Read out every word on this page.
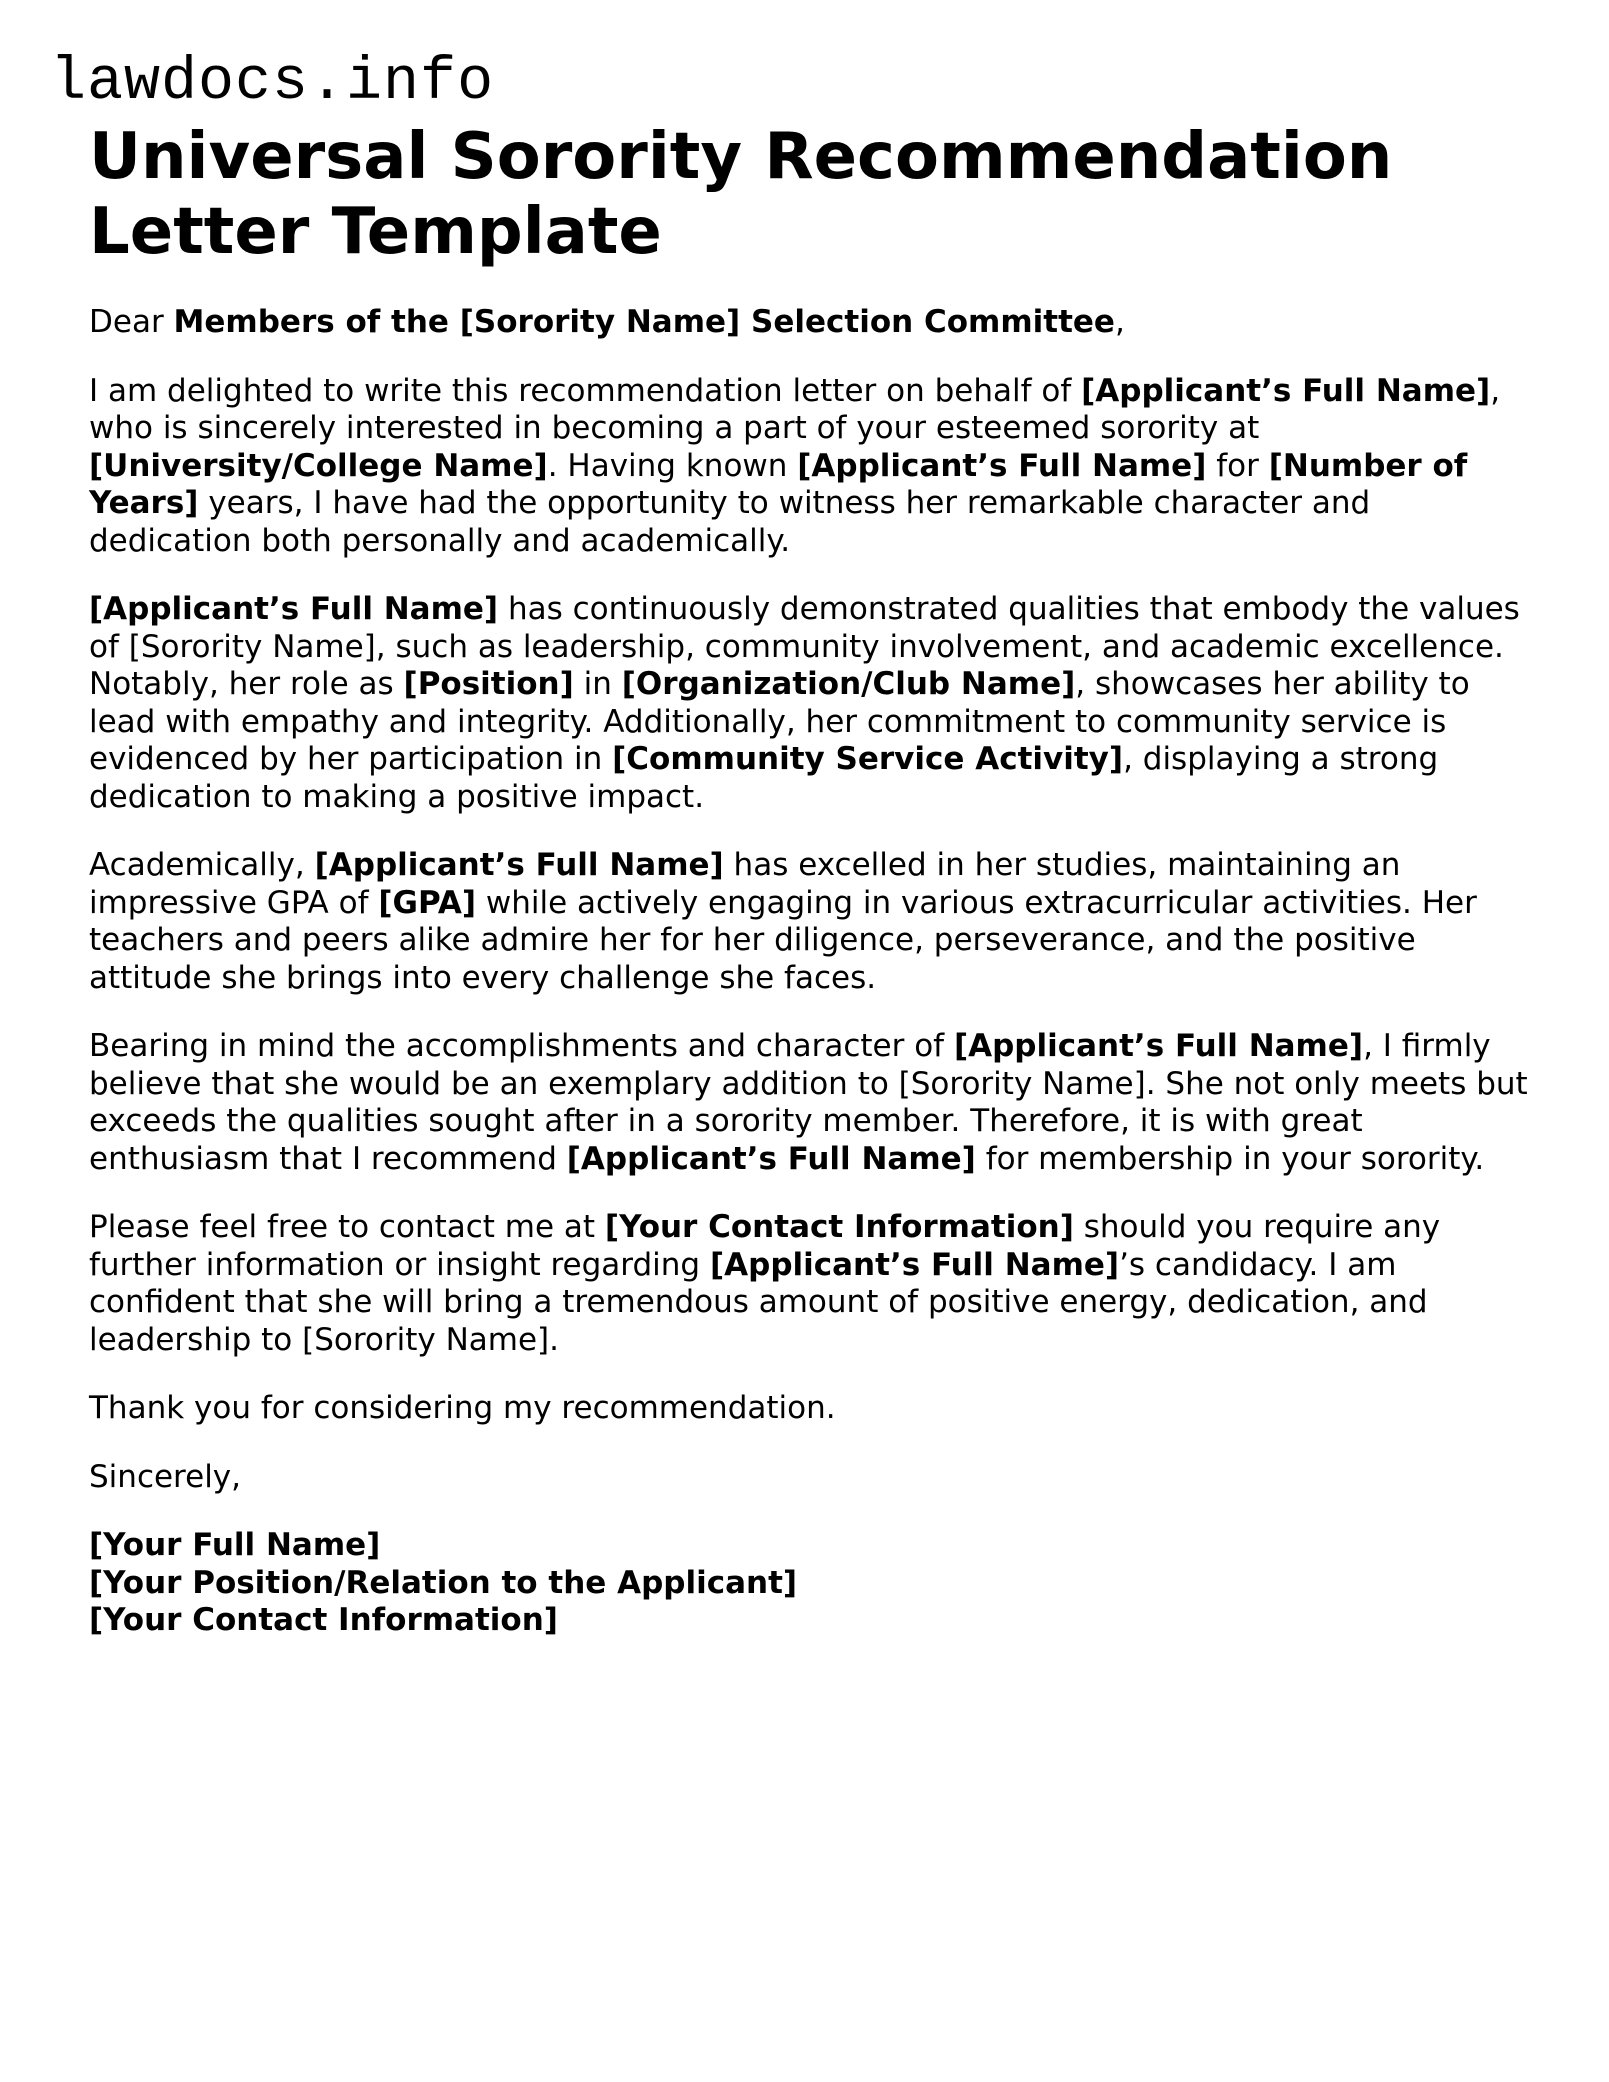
lawdocs.info
Universal Sorority Recommendation Letter Template

Dear Members of the [Sorority Name] Selection Committee,

I am delighted to write this recommendation letter on behalf of [Applicant’s Full Name], who is sincerely interested in becoming a part of your esteemed sorority at [University/College Name]. Having known [Applicant’s Full Name] for [Number of Years] years, I have had the opportunity to witness her remarkable character and dedication both personally and academically.

[Applicant’s Full Name] has continuously demonstrated qualities that embody the values of [Sorority Name], such as leadership, community involvement, and academic excellence. Notably, her role as [Position] in [Organization/Club Name], showcases her ability to lead with empathy and integrity. Additionally, her commitment to community service is evidenced by her participation in [Community Service Activity], displaying a strong dedication to making a positive impact.

Academically, [Applicant’s Full Name] has excelled in her studies, maintaining an impressive GPA of [GPA] while actively engaging in various extracurricular activities. Her teachers and peers alike admire her for her diligence, perseverance, and the positive attitude she brings into every challenge she faces.

Bearing in mind the accomplishments and character of [Applicant’s Full Name], I firmly believe that she would be an exemplary addition to [Sorority Name]. She not only meets but exceeds the qualities sought after in a sorority member. Therefore, it is with great enthusiasm that I recommend [Applicant’s Full Name] for membership in your sorority.

Please feel free to contact me at [Your Contact Information] should you require any further information or insight regarding [Applicant’s Full Name]’s candidacy. I am confident that she will bring a tremendous amount of positive energy, dedication, and leadership to [Sorority Name].

Thank you for considering my recommendation.

Sincerely,

[Your Full Name]

[Your Position/Relation to the Applicant]

[Your Contact Information]
